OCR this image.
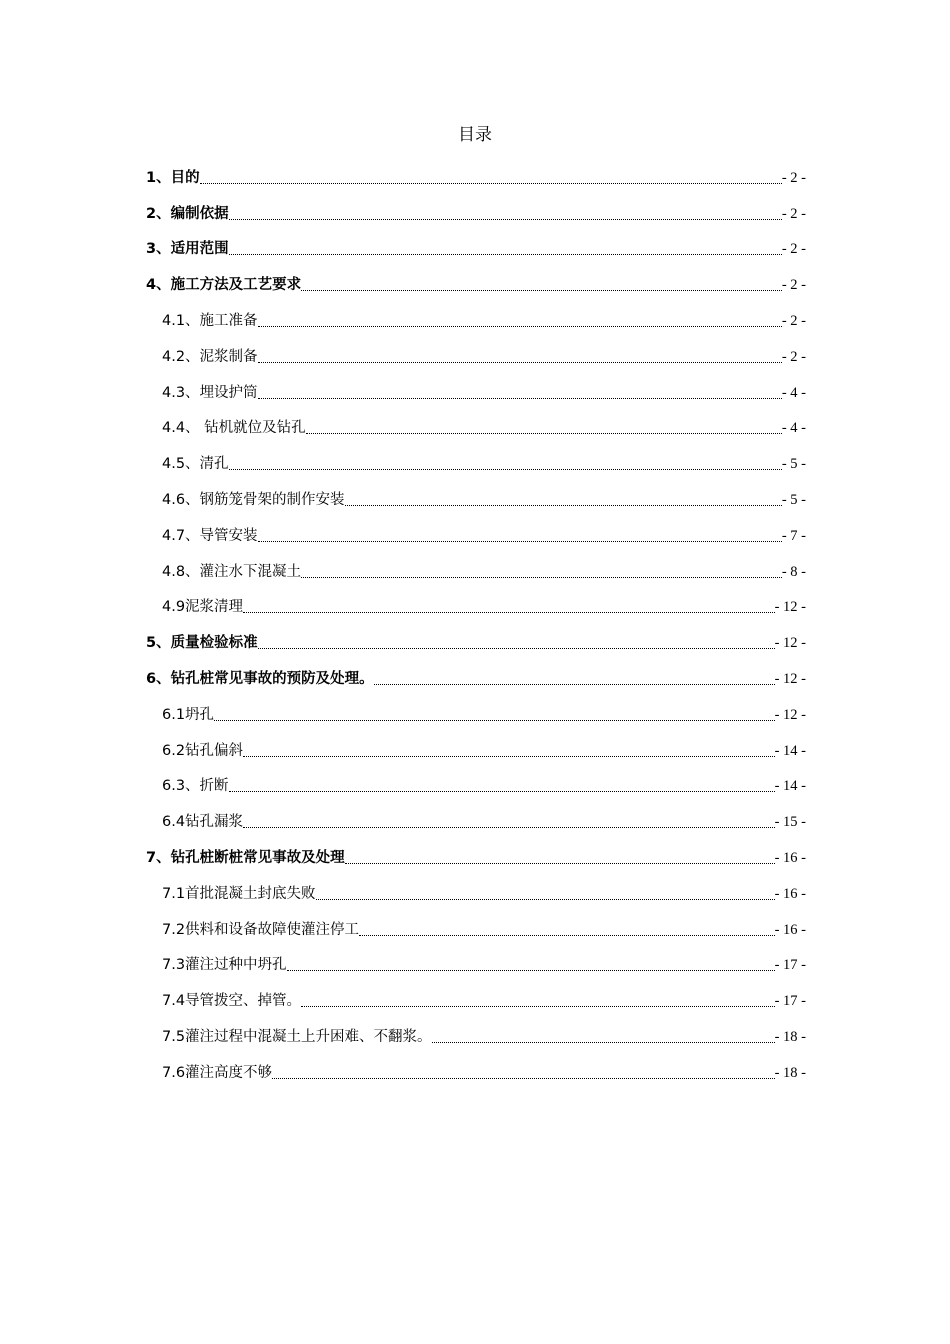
目录
1、目的	- 2 -
2、编制依据	- 2 -
3、适用范围	- 2 -
4、施工方法及工艺要求	- 2 -
4.1、施工准备	- 2 -
4.2、泥浆制备	- 2 -
4.3、埋设护筒	- 4 -
4.4、 钻机就位及钻孔	- 4 -
4.5、清孔	- 5 -
4.6、钢筋笼骨架的制作安装	- 5 -
4.7、导管安装	- 7 -
4.8、灌注水下混凝土	- 8 -
4.9泥浆清理	- 12 -
5、质量检验标准	- 12 -
6、钻孔桩常见事故的预防及处理。	- 12 -
6.1坍孔	- 12 -
6.2钻孔偏斜	- 14 -
6.3、折断	- 14 -
6.4钻孔漏浆	- 15 -
7、钻孔桩断桩常见事故及处理	- 16 -
7.1首批混凝土封底失败	- 16 -
7.2供料和设备故障使灌注停工	- 16 -
7.3灌注过种中坍孔	- 17 -
7.4导管拨空、掉管。	- 17 -
7.5灌注过程中混凝土上升困难、不翻浆。	- 18 -
7.6灌注高度不够	- 18 -
